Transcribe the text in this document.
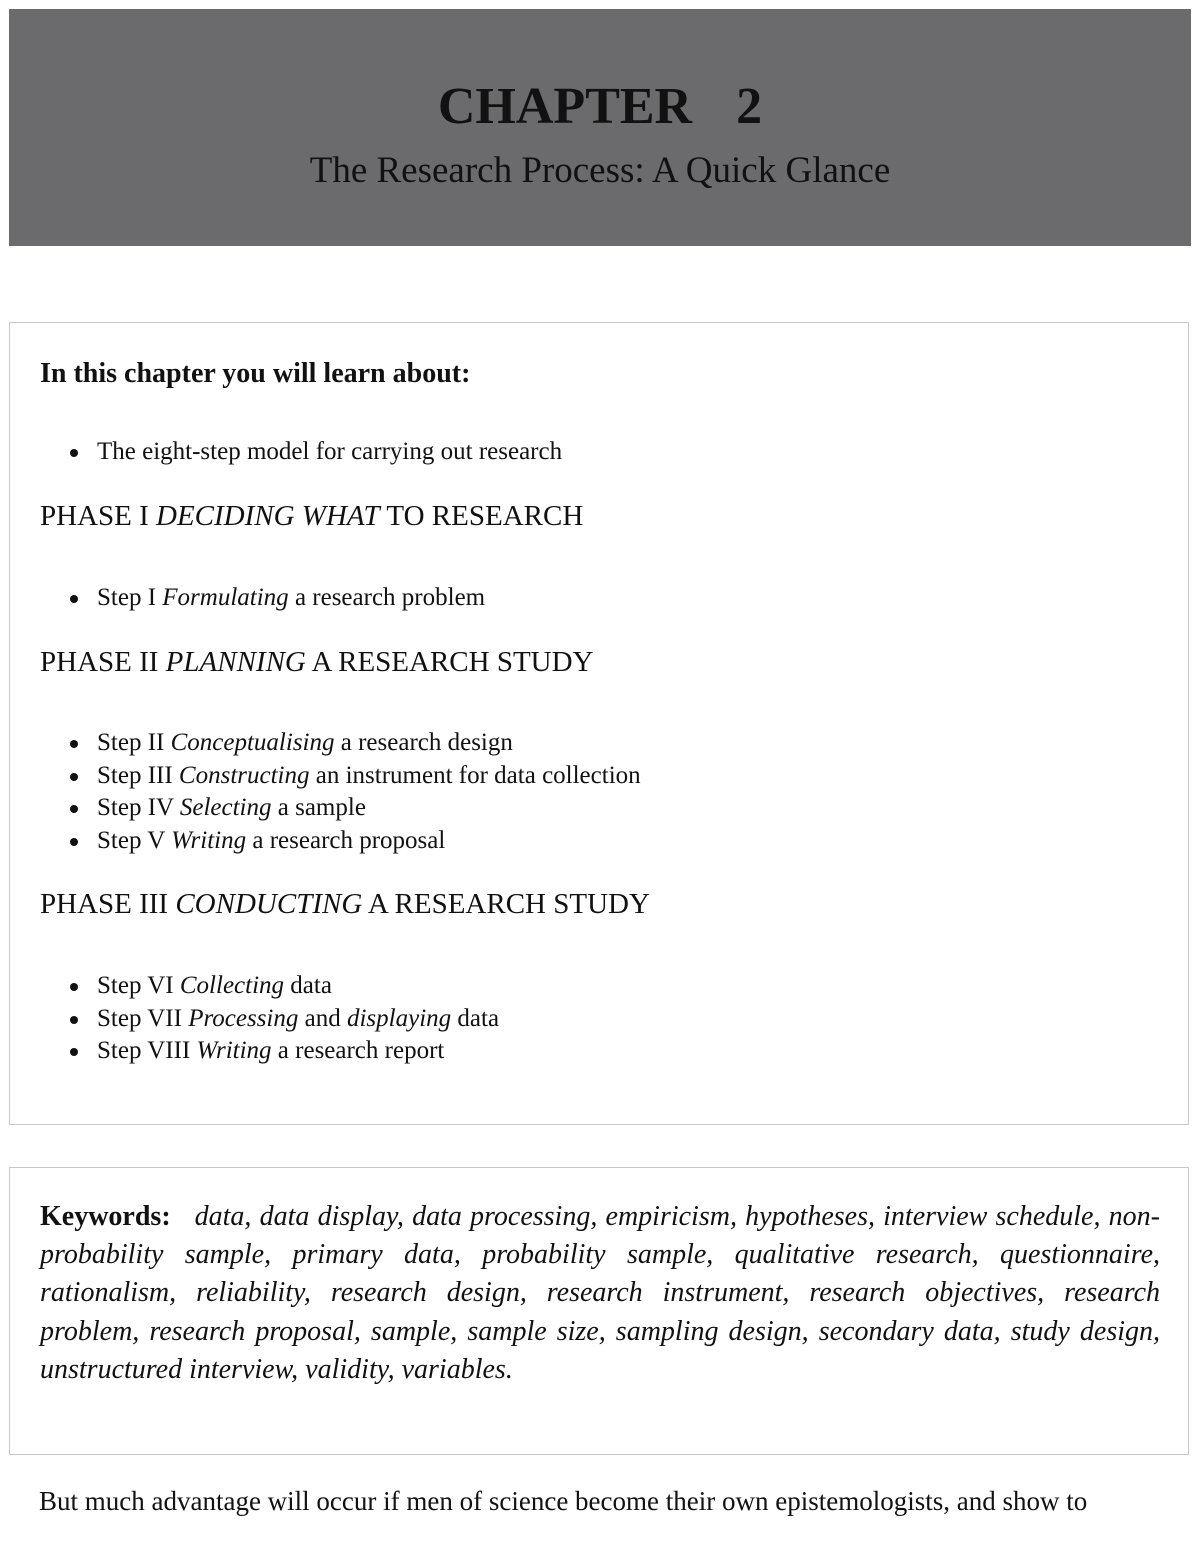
CHAPTER 2
The Research Process: A Quick Glance
In this chapter you will learn about:
The eight-step model for carrying out research
PHASE I DECIDING WHAT TO RESEARCH
Step I Formulating a research problem
PHASE II PLANNING A RESEARCH STUDY
Step II Conceptualising a research design
Step III Constructing an instrument for data collection
Step IV Selecting a sample
Step V Writing a research proposal
PHASE III CONDUCTING A RESEARCH STUDY
Step VI Collecting data
Step VII Processing and displaying data
Step VIII Writing a research report
Keywords: data, data display, data processing, empiricism, hypotheses, interview schedule, non-probability sample, primary data, probability sample, qualitative research, questionnaire, rationalism, reliability, research design, research instrument, research objectives, research problem, research proposal, sample, sample size, sampling design, secondary data, study design, unstructured interview, validity, variables.
But much advantage will occur if men of science become their own epistemologists, and show to
